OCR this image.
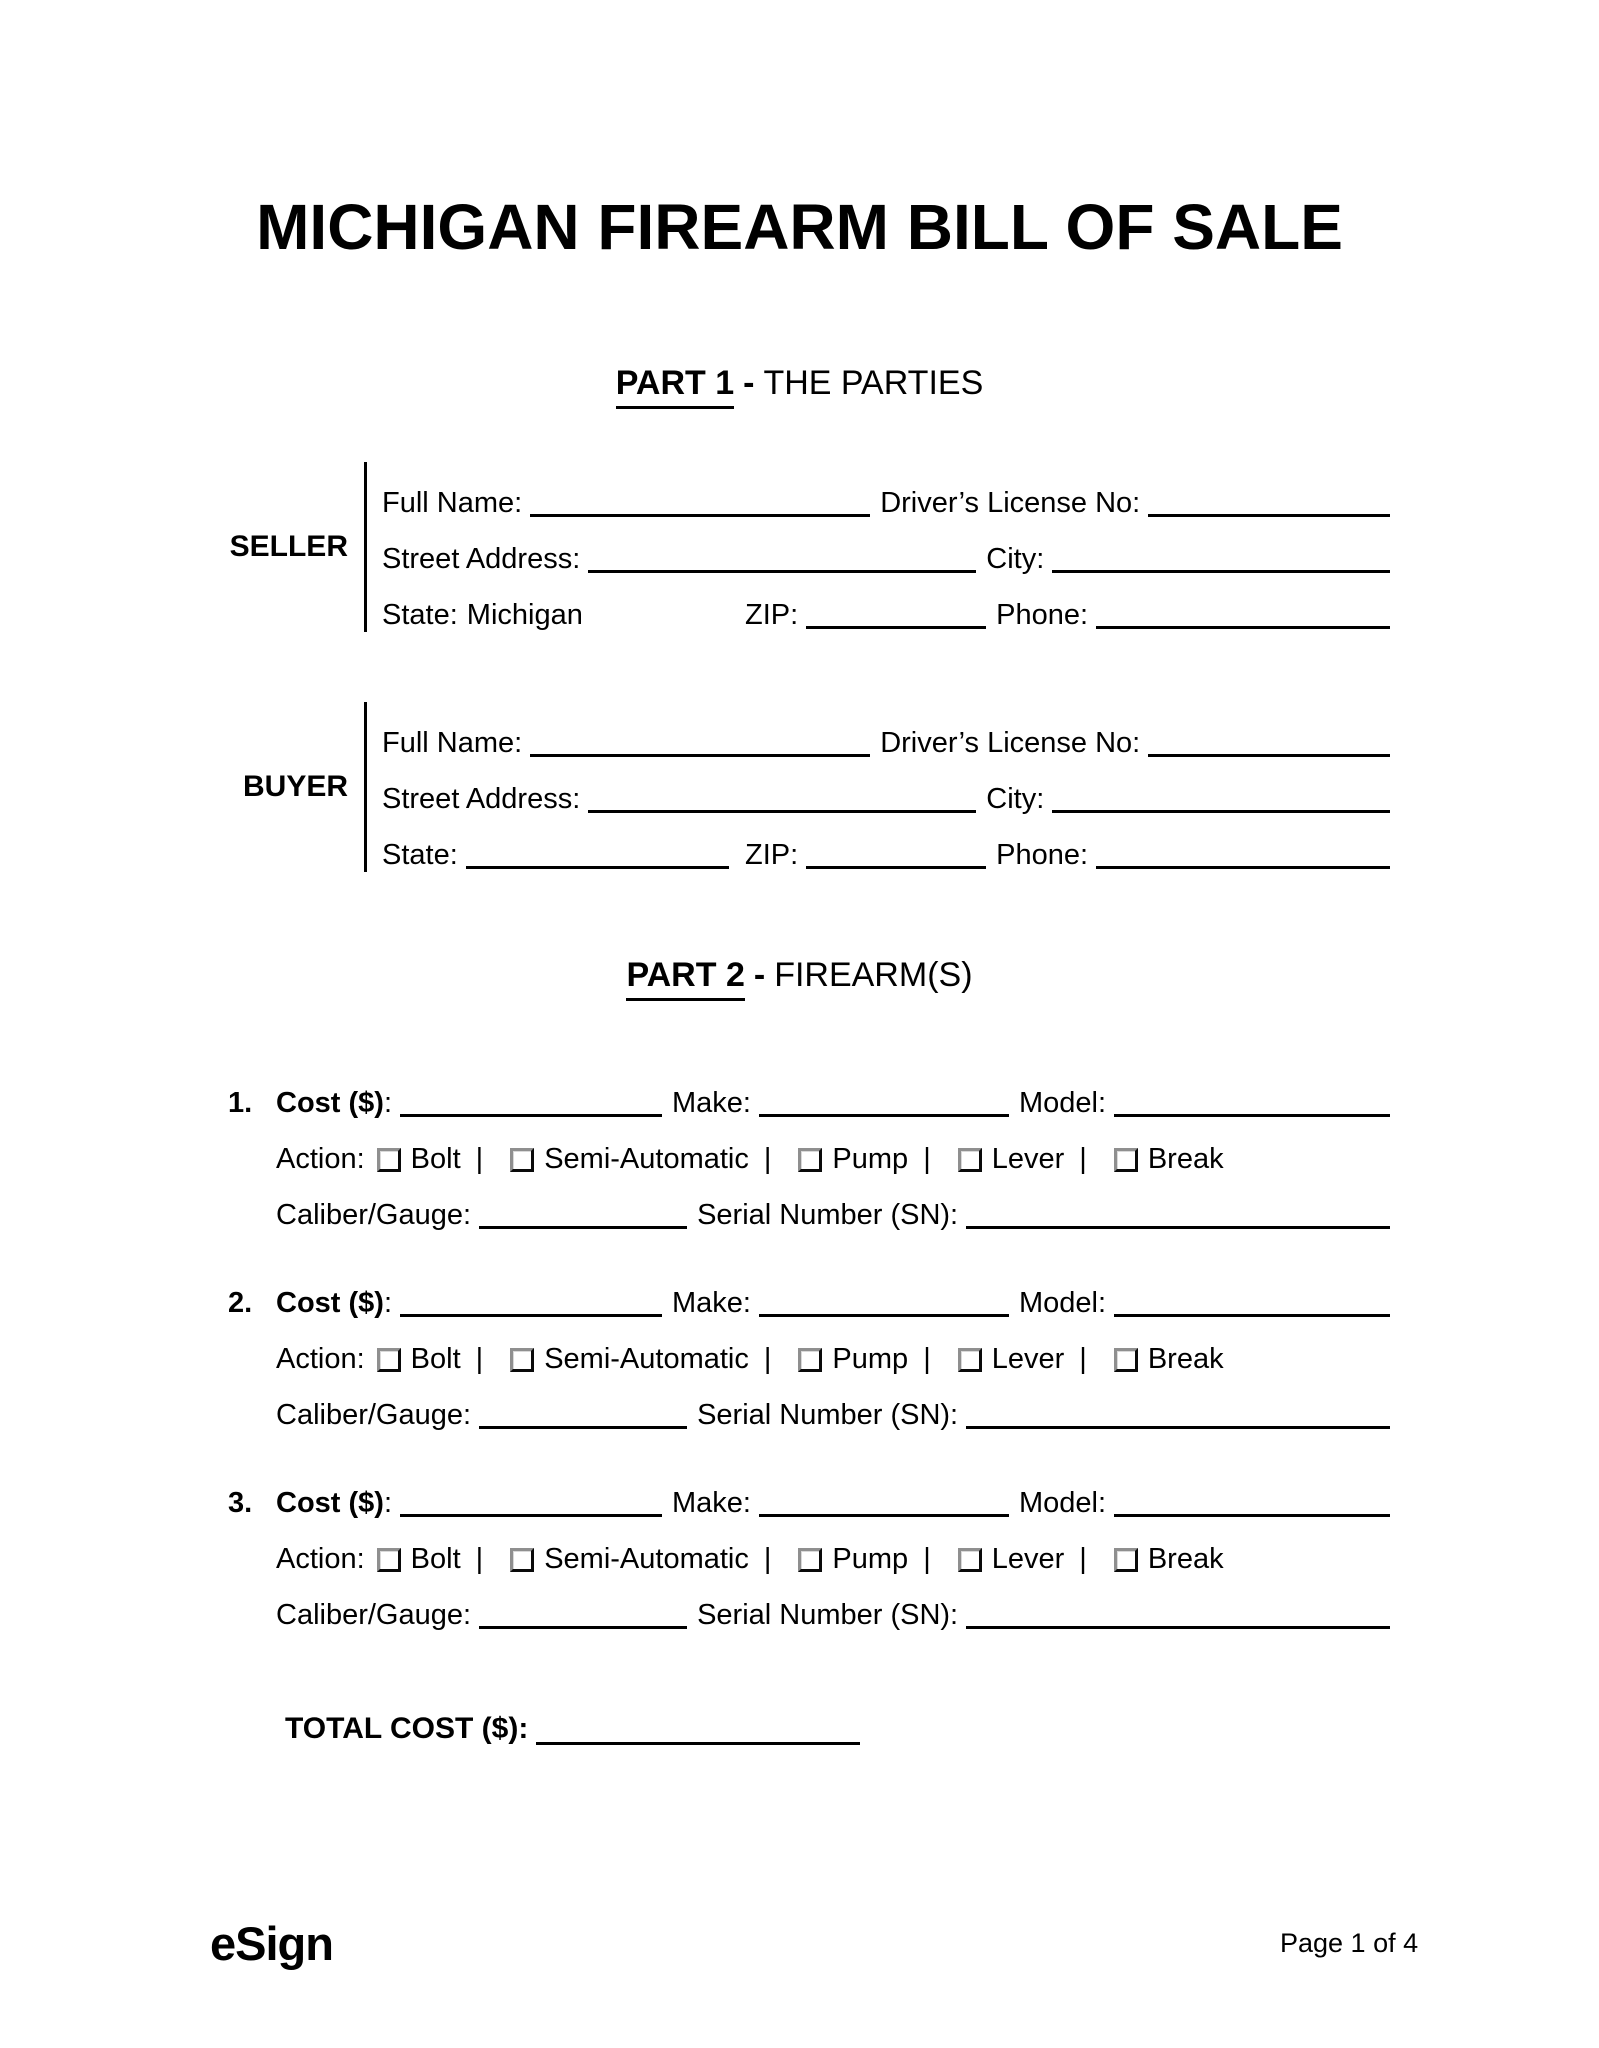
MICHIGAN FIREARM BILL OF SALE
PART 1 - THE PARTIES
SELLER
Full Name:	Driver’s License No:
Street Address:	City:
State: Michigan	ZIP:	Phone:
BUYER
Full Name:	Driver’s License No:
Street Address:	City:
State:	ZIP:	Phone:
PART 2 - FIREARM(S)
1. Cost ($) :	Make:	Model:
Action: Bolt | Semi-Automatic | Pump | Lever | Break
Caliber/Gauge:	Serial Number (SN):
2. Cost ($) :	Make:	Model:
Action: Bolt | Semi-Automatic | Pump | Lever | Break
Caliber/Gauge:	Serial Number (SN):
3. Cost ($) :	Make:	Model:
Action: Bolt | Semi-Automatic | Pump | Lever | Break
Caliber/Gauge:	Serial Number (SN):
TOTAL COST ($):
eSign	Page 1 of 4
